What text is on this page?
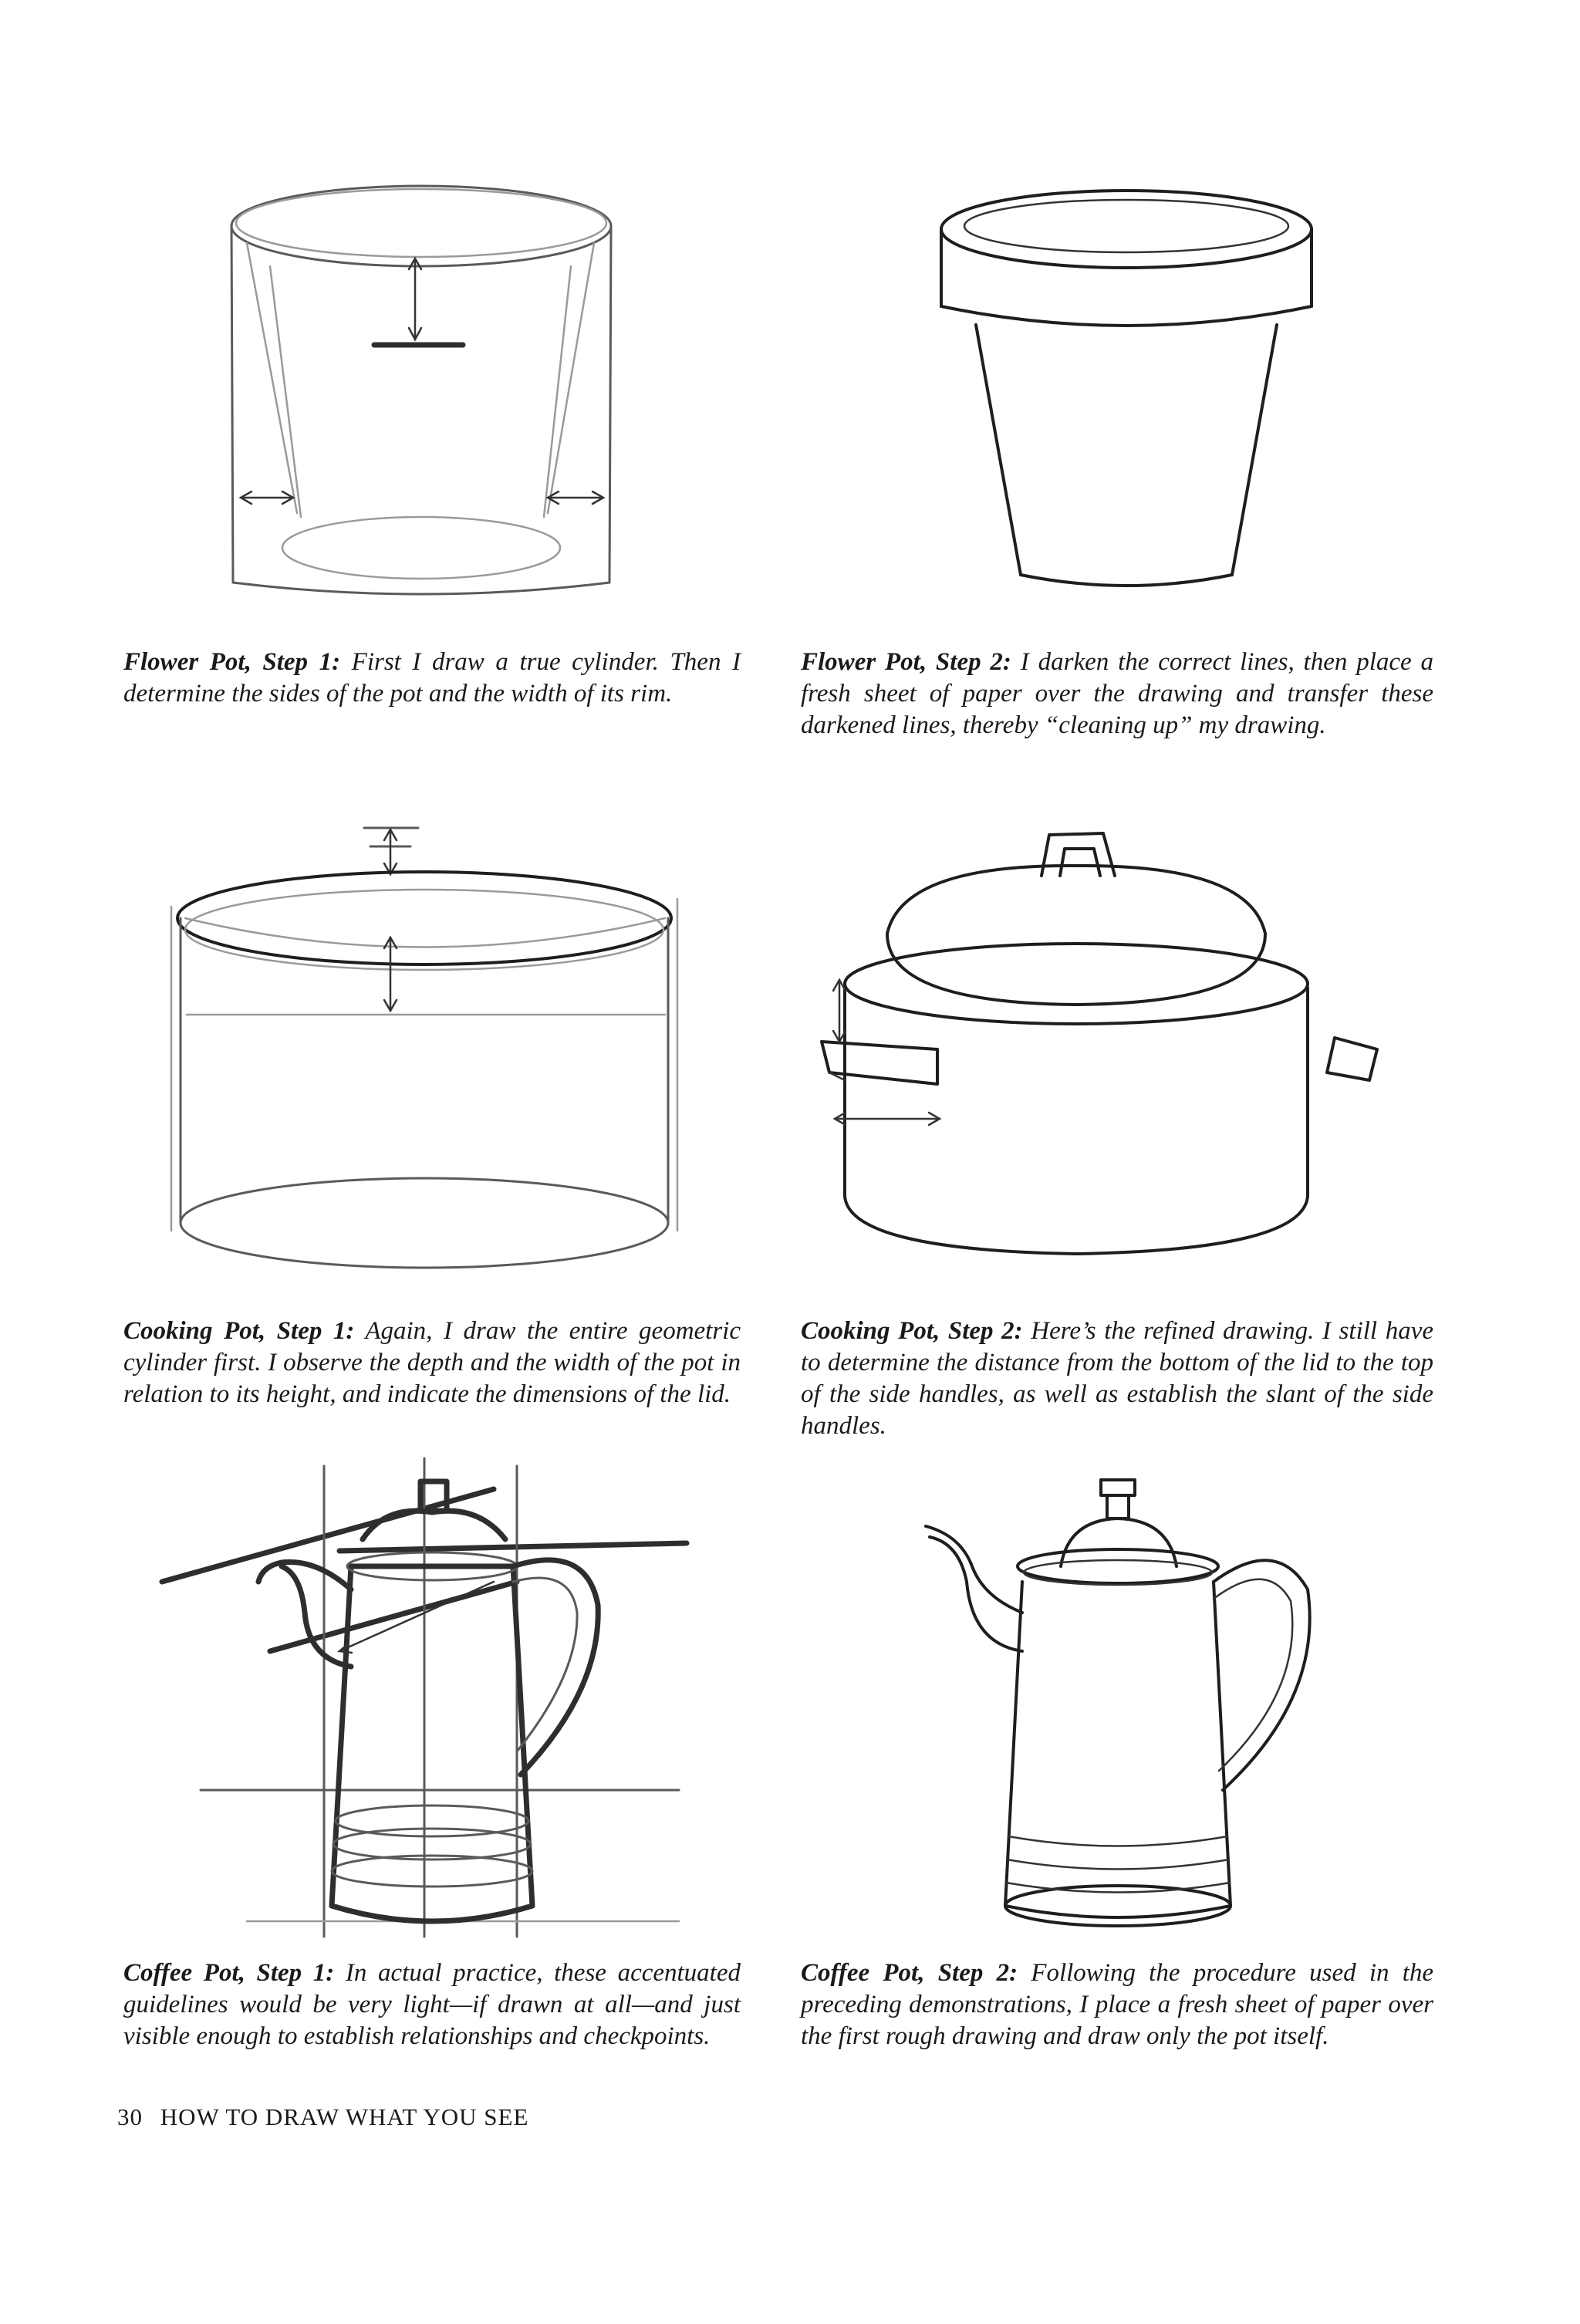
Flower Pot, Step 1: First I draw a true cylinder. Then I determine the sides of the pot and the width of its rim.

Flower Pot, Step 2: I darken the correct lines, then place a fresh sheet of paper over the drawing and transfer these darkened lines, thereby “cleaning up” my drawing.

Cooking Pot, Step 1: Again, I draw the entire geometric cylinder first. I observe the depth and the width of the pot in relation to its height, and indicate the dimensions of the lid.

Cooking Pot, Step 2: Here’s the refined drawing. I still have to determine the distance from the bottom of the lid to the top of the side handles, as well as establish the slant of the side handles.

Coffee Pot, Step 1: In actual practice, these accentuated guidelines would be very light—if drawn at all—and just visible enough to establish relationships and checkpoints.

Coffee Pot, Step 2: Following the procedure used in the preceding demonstrations, I place a fresh sheet of paper over the first rough drawing and draw only the pot itself.

30 HOW TO DRAW WHAT YOU SEE
